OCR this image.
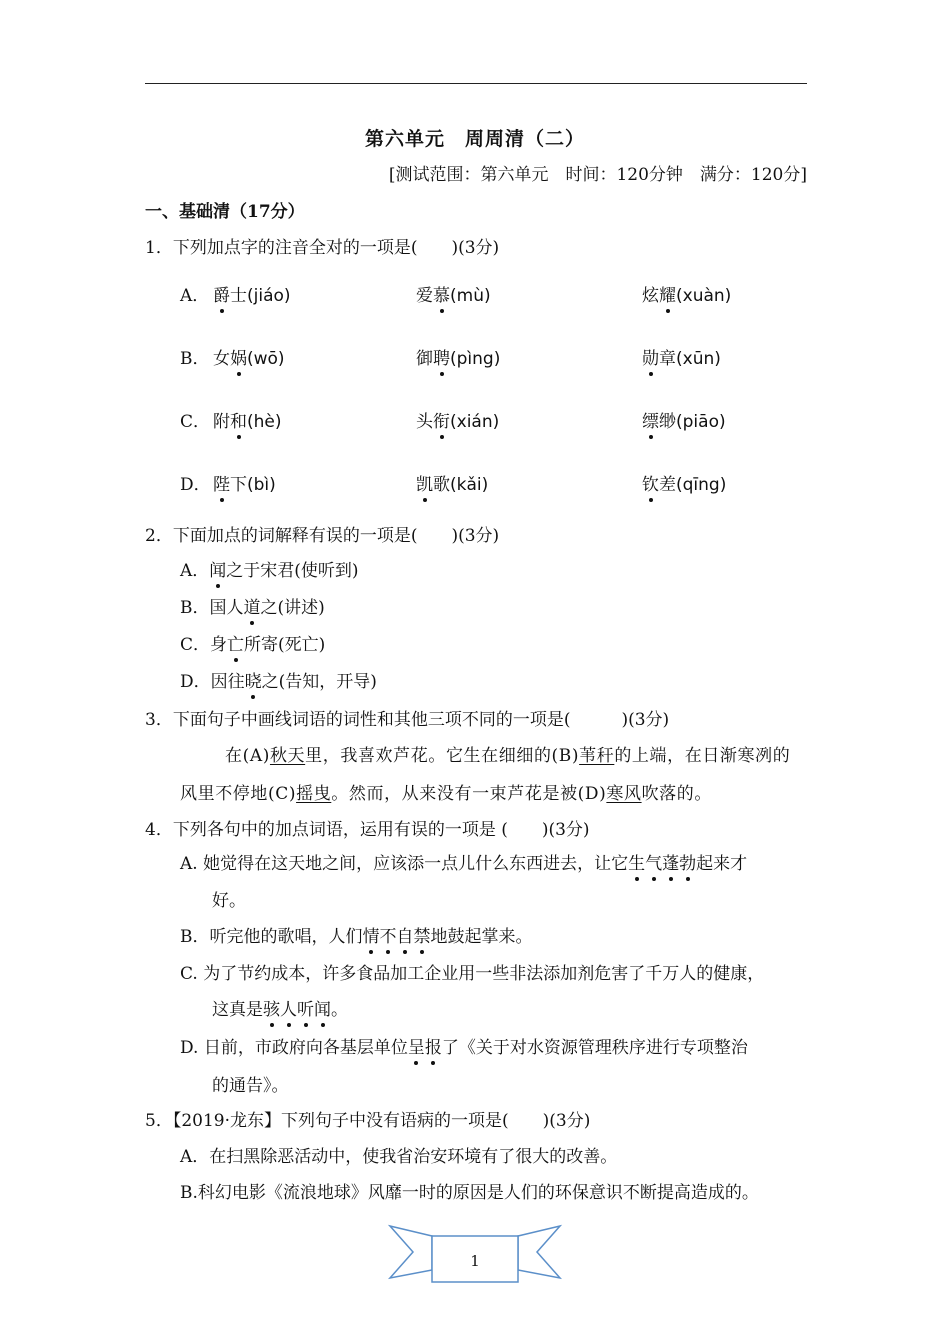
第六单元　周周清（二）
[测试范围：第六单元　时间：120分钟　满分：120分]
一、基础清（17分）
1．下列加点字的注音全对的一项是(　　)(3分)
A． 爵士(jiáo)	爱慕(mù)	炫耀(xuàn)
B． 女娲(wō)	御聘(pìng)	勋章(xūn)
C． 附和(hè)	头衔(xián)	缥缈(piāo)
D． 陛下(bì)	凯歌(kǎi)	钦差(qīng)
2．下面加点的词解释有误的一项是(　　)(3分)
A．闻之于宋君(使听到)
B．国人道之(讲述)
C．身亡所寄(死亡)
D．因往晓之(告知，开导)
3．下面句子中画线词语的词性和其他三项不同的一项是(　　　)(3分)
在(A)秋天里，我喜欢芦花。它生在细细的(B)苇秆的上端，在日渐寒冽的
风里不停地(C)摇曳。然而，从来没有一束芦花是被(D)寒风吹落的。
4．下列各句中的加点词语，运用有误的一项是 (　　)(3分)
A. 她觉得在这天地之间，应该添一点儿什么东西进去，让它生气蓬勃起来才
好。
B．听完他的歌唱，人们情不自禁地鼓起掌来。
C. 为了节约成本，许多食品加工企业用一些非法添加剂危害了千万人的健康，
这真是骇人听闻。
D. 日前，市政府向各基层单位呈报了《关于对水资源管理秩序进行专项整治
的通告》。
5．【2019·龙东】下列句子中没有语病的一项是(　　)(3分)
A．在扫黑除恶活动中，使我省治安环境有了很大的改善。
B.科幻电影《流浪地球》风靡一时的原因是人们的环保意识不断提高造成的。
1
